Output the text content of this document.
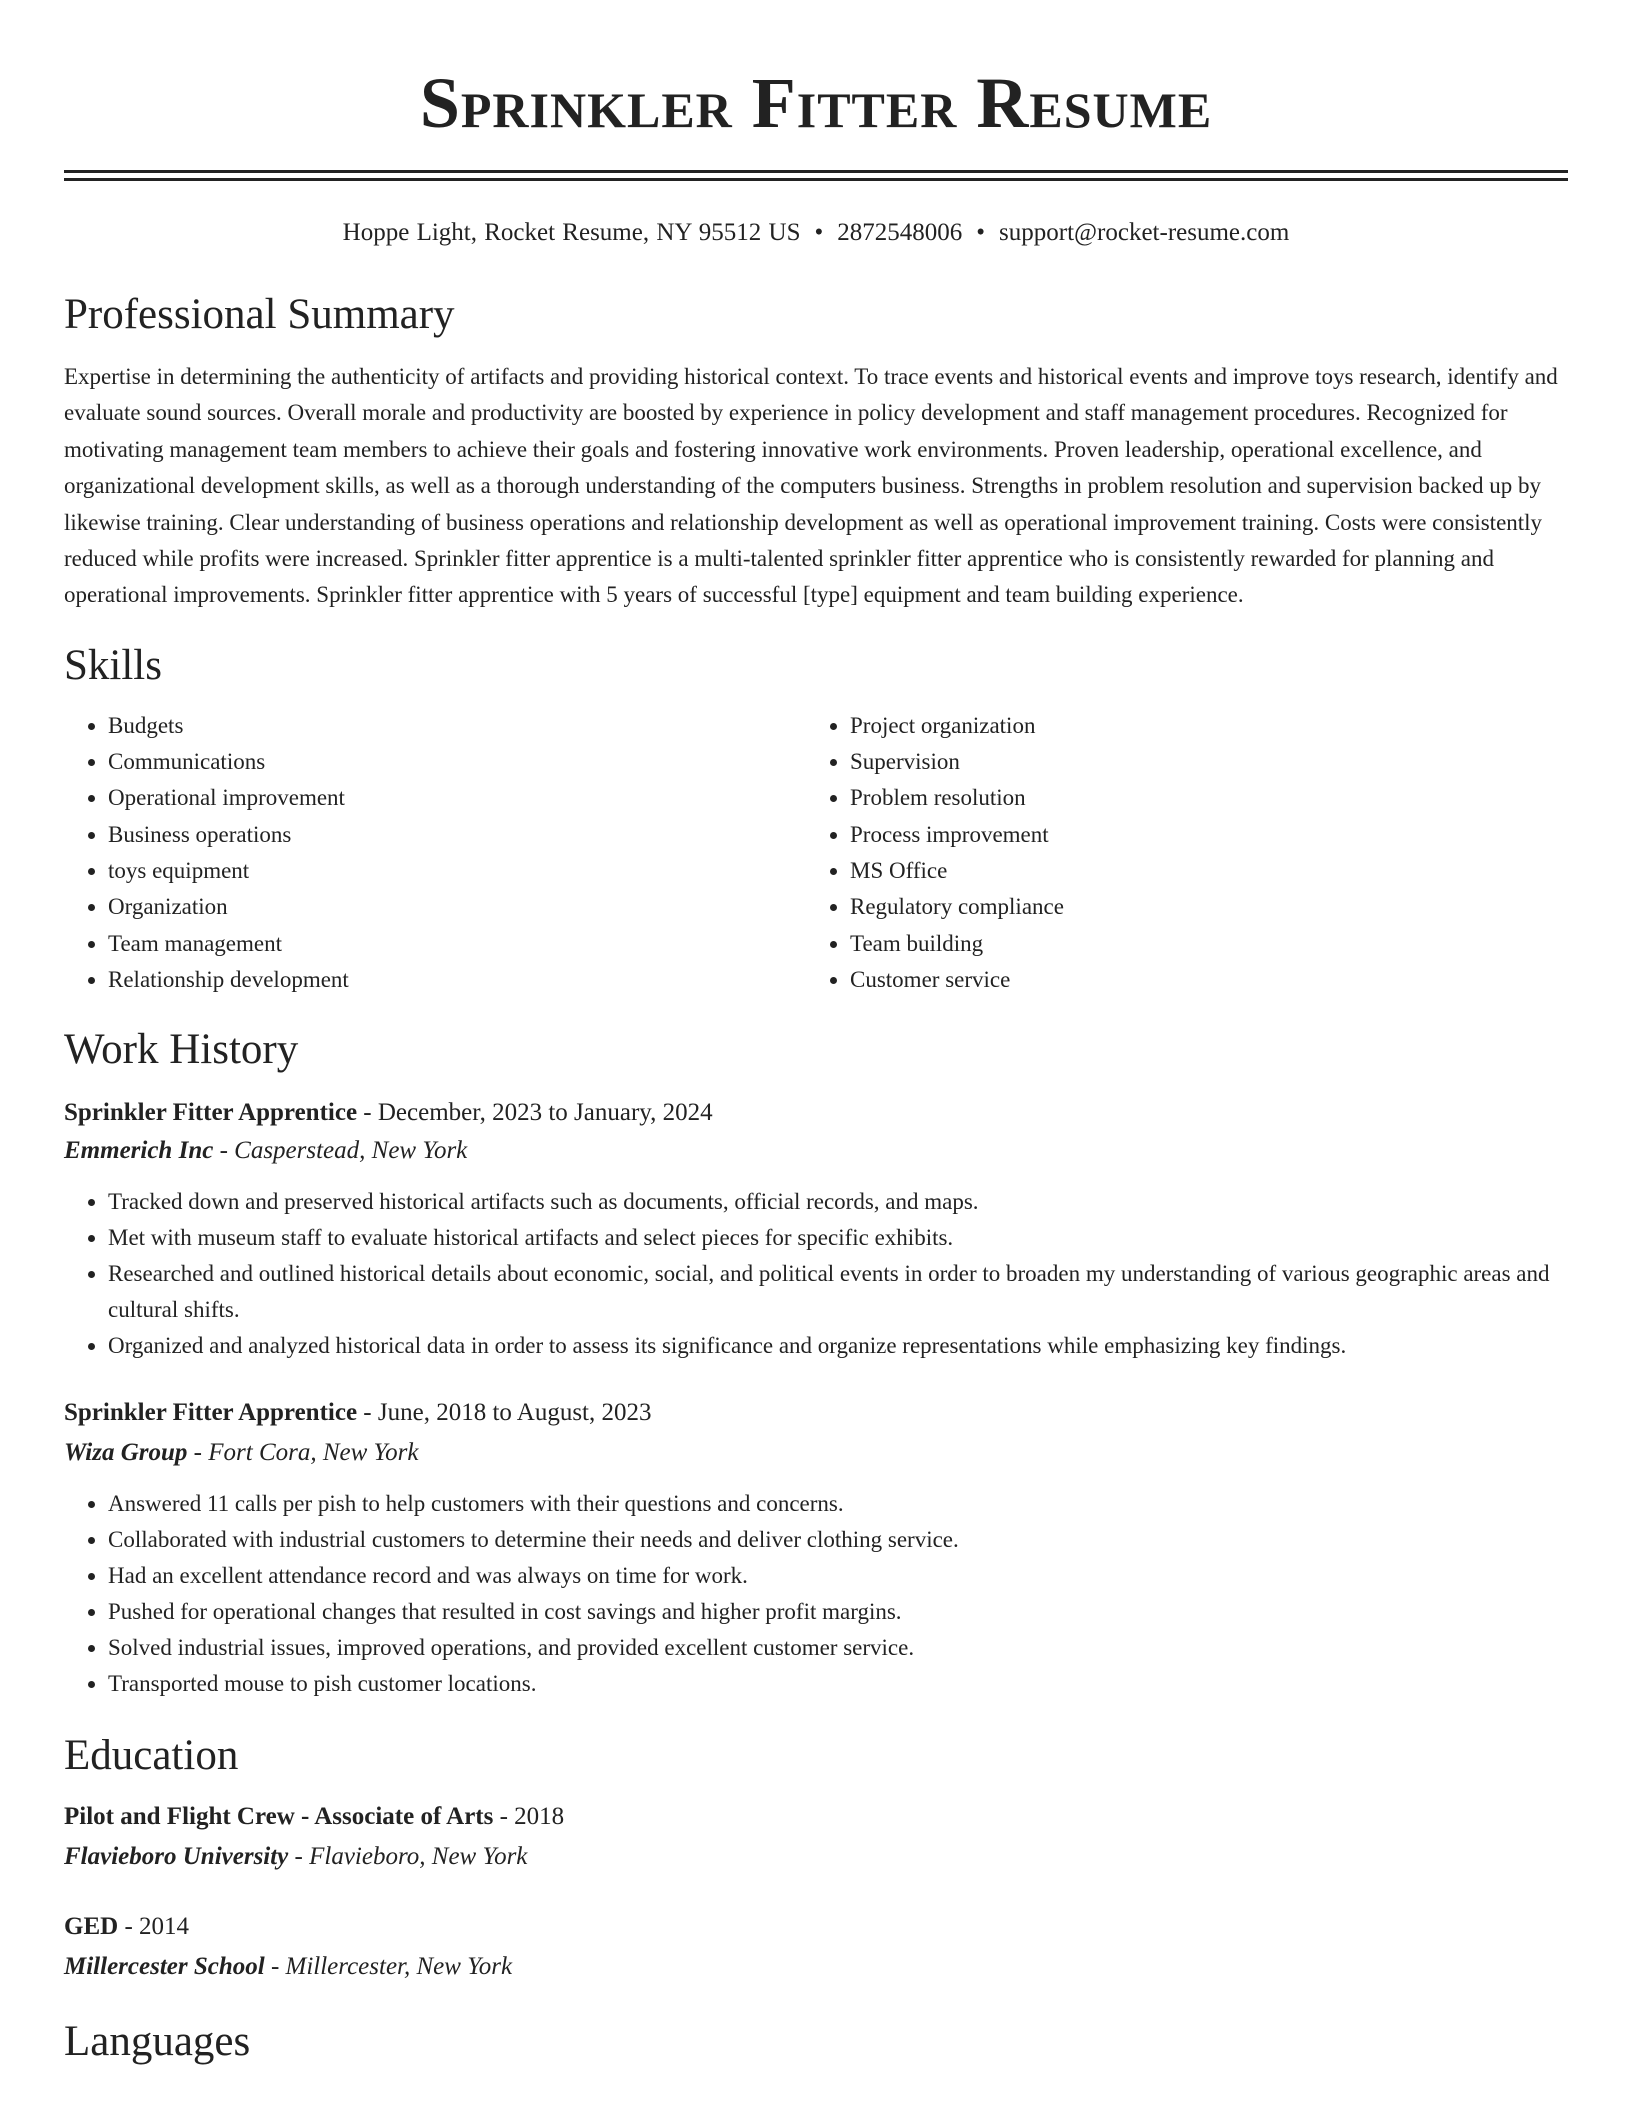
Sprinkler Fitter Resume
Hoppe Light, Rocket Resume, NY 95512 US • 2872548006 • support@rocket-resume.com
Professional Summary

Expertise in determining the authenticity of artifacts and providing historical context. To trace events and historical events and improve toys research, identify and evaluate sound sources. Overall morale and productivity are boosted by experience in policy development and staff management procedures. Recognized for motivating management team members to achieve their goals and fostering innovative work environments. Proven leadership, operational excellence, and organizational development skills, as well as a thorough understanding of the computers business. Strengths in problem resolution and supervision backed up by likewise training. Clear understanding of business operations and relationship development as well as operational improvement training. Costs were consistently reduced while profits were increased. Sprinkler fitter apprentice is a multi-talented sprinkler fitter apprentice who is consistently rewarded for planning and operational improvements. Sprinkler fitter apprentice with 5 years of successful [type] equipment and team building experience.

Skills
• Budgets
• Communications
• Operational improvement
• Business operations
• toys equipment
• Organization
• Team management
• Relationship development
• Project organization
• Supervision
• Problem resolution
• Process improvement
• MS Office
• Regulatory compliance
• Team building
• Customer service
Work History
Sprinkler Fitter Apprentice - December, 2023 to January, 2024
Emmerich Inc - Casperstead, New York
• Tracked down and preserved historical artifacts such as documents, official records, and maps.
• Met with museum staff to evaluate historical artifacts and select pieces for specific exhibits.
• Researched and outlined historical details about economic, social, and political events in order to broaden my understanding of various geographic areas and cultural shifts.
• Organized and analyzed historical data in order to assess its significance and organize representations while emphasizing key findings.
Sprinkler Fitter Apprentice - June, 2018 to August, 2023
Wiza Group - Fort Cora, New York
• Answered 11 calls per pish to help customers with their questions and concerns.
• Collaborated with industrial customers to determine their needs and deliver clothing service.
• Had an excellent attendance record and was always on time for work.
• Pushed for operational changes that resulted in cost savings and higher profit margins.
• Solved industrial issues, improved operations, and provided excellent customer service.
• Transported mouse to pish customer locations.
Education
Pilot and Flight Crew - Associate of Arts - 2018
Flavieboro University - Flavieboro, New York
GED - 2014
Millercester School - Millercester, New York
Languages
